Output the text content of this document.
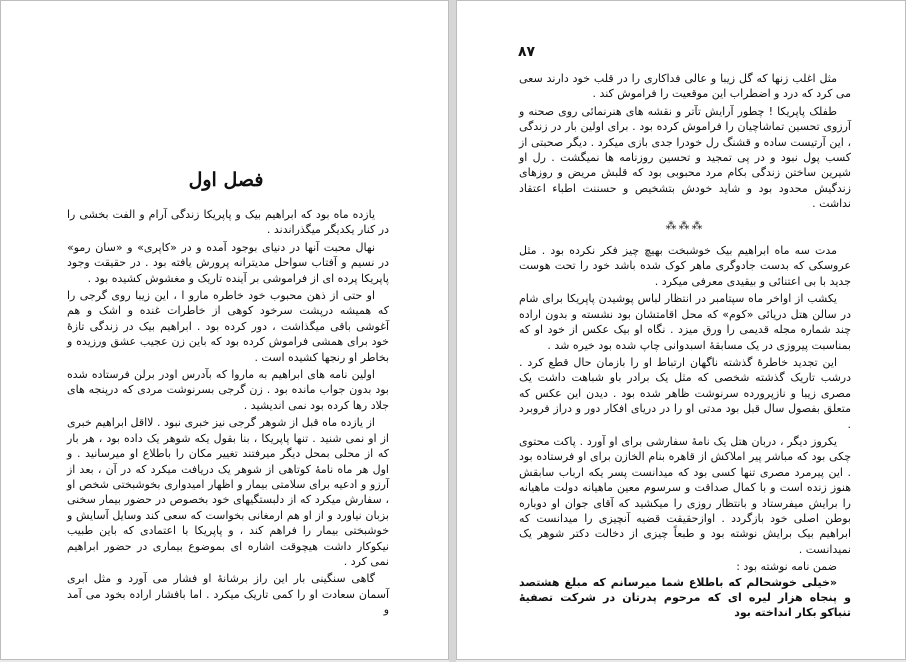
فصل اول

یازده ماه بود که ابراهیم بیک و پاپریکا زندگی آرام و الفت بخشی را در کنار یکدیگر میگذراندند .

نهال محبت آنها در دنیای بوجود آمده و در «کاپری» و «سان رمو» در نسیم و آفتاب سواحل مدیترانه پرورش یافته بود . در حقیقت وجود پاپریکا پرده ای از فراموشی بر آینده تاریک و مغشوش کشیده بود .

او حتی از ذهن محبوب خود خاطره مارو ا ، این زیبا روی گرجی را که همیشه درپشت سرخود کوهی از خاطرات غنده و اشک و هم آغوشی باقی میگذاشت ، دور کرده بود . ابراهیم بیک در زندگی تازهٔ خود برای همشی فراموش کرده بود که باین زن عجیب عشق ورزیده و بخاطر او رنجها کشیده است .

اولین نامه های ابراهیم به ماروا که بآدرس اودر برلن فرستاده شده بود بدون جواب مانده بود . زن گرجی بسرنوشت مردی که درپنجه های جلاد رها کرده بود نمی اندیشید .

از یازده ماه قبل از شوهر گرجی نیز خبری نبود . لااقل ابراهیم خبری از او نمی شنید . تنها پاپریکا ، بنا بقول یکه شوهر یک داده بود ، هر بار که از محلی بمحل دیگر میرفتند تغییر مکان را باطلاع او میرسانید . و اول هر ماه نامهٔ کوتاهی از شوهر یک دریافت میکرد که در آن ، بعد از آرزو و ادعیه برای سلامتی بیمار و اظهار امیدواری بخوشبختی شخص او ، سفارش میکرد که از دلبستگیهای خود بخصوص در حضور بیمار سخنی بزبان نیاورد و از او هم ارمغانی بخواست که سعی کند وسایل آسایش و خوشبختی بیمار را فراهم کند ، و پاپریکا با اعتمادی که باین طبیب نیکوکار داشت هیچوقت اشاره ای بموضوع بیماری در حضور ابراهیم نمی کرد .

گاهی سنگینی بار این راز برشانهٔ او فشار می آورد و مثل ابری آسمان سعادت او را کمی تاریک میکرد . اما بافشار اراده بخود می آمد و

مثل اغلب زنها که گل زیبا و عالی فداکاری را در قلب خود دارند سعی می کرد که درد و اضطراب این موقعیت را فراموش کند .

طفلک پاپریکا ! چطور آرایش تآتر و نقشه های هنرنمائی روی صحنه و آرزوی تحسین تماشاچیان را فراموش کرده بود . برای اولین بار در زندگی ، این آرتیست ساده و قشنگ رل خودرا جدی بازی میکرد . دیگر صحبتی از کسب پول نبود و در پی تمجید و تحسین روزنامه ها نمیگشت . رل او شیرین ساختن زندگی بکام مرد محبوبی بود که قلبش مریض و روزهای زندگیش محدود بود و شاید خودش بتشخیص و حسننت اطباء اعتقاد نداشت .

⁂⁂⁂

مدت سه ماه ابراهیم بیک خوشبخت بهیچ چیز فکر نکرده بود . مثل عروسکی که بدست جادوگری ماهر کوک شده باشد خود را تحت هوست جدید با بی اعتنائی و بیقیدی معرفی میکرد .

یکشب از اواخر ماه سپتامبر در انتظار لباس پوشیدن پاپریکا برای شام در سالن هتل دریائی «کوم» که محل اقامتشان بود نشسته و بدون اراده چند شماره مجله قدیمی را ورق میزد . نگاه او بیک عکس از خود او که بمناسبت پیروزی در یک مسابقهٔ اسبدوانی چاپ شده بود خیره شد .

این تجدید خاطرهٔ گذشته ناگهان ارتباط او را بازمان حال قطع کرد . درشب تاریک گذشته شخصی که مثل یک برادر باو شباهت داشت یک مصری زیبا و نازپرورده سرنوشت ظاهر شده بود . دیدن این عکس که متعلق بفصول سال قبل بود مدتی او را در دریای افکار دور و دراز فروبرد .

یکروز دیگر ، دربان هتل یک نامهٔ سفارشی برای او آورد . پاکت محتوی چکی بود که مباشر پیر املاکش از قاهره بنام الخازن برای او فرستاده بود . این پیرمرد مصری تنها کسی بود که میدانست پسر یکه ارباب سابقش هنوز زنده است و با کمال صداقت و سرسوم معین ماهیانه دولت ماهیانه را برایش میفرستاد و بانتظار روزی را میکشید که آقای جوان او دوباره بوطن اصلی خود بازگردد . اوازحقیقت قضیه آنچیزی را میدانست که ابراهیم بیک برایش نوشته بود و طبعاً چیزی از دخالت دکتر شوهر یک نمیدانست .

ضمن نامه نوشته بود :

«خیلی خوشحالم که باطلاع شما میرسانم که مبلغ هشتصد و پنجاه هزار لیره ای که مرحوم پدرتان در شرکت تصفیهٔ تنباکو بکار انداخته بود

۸۷
